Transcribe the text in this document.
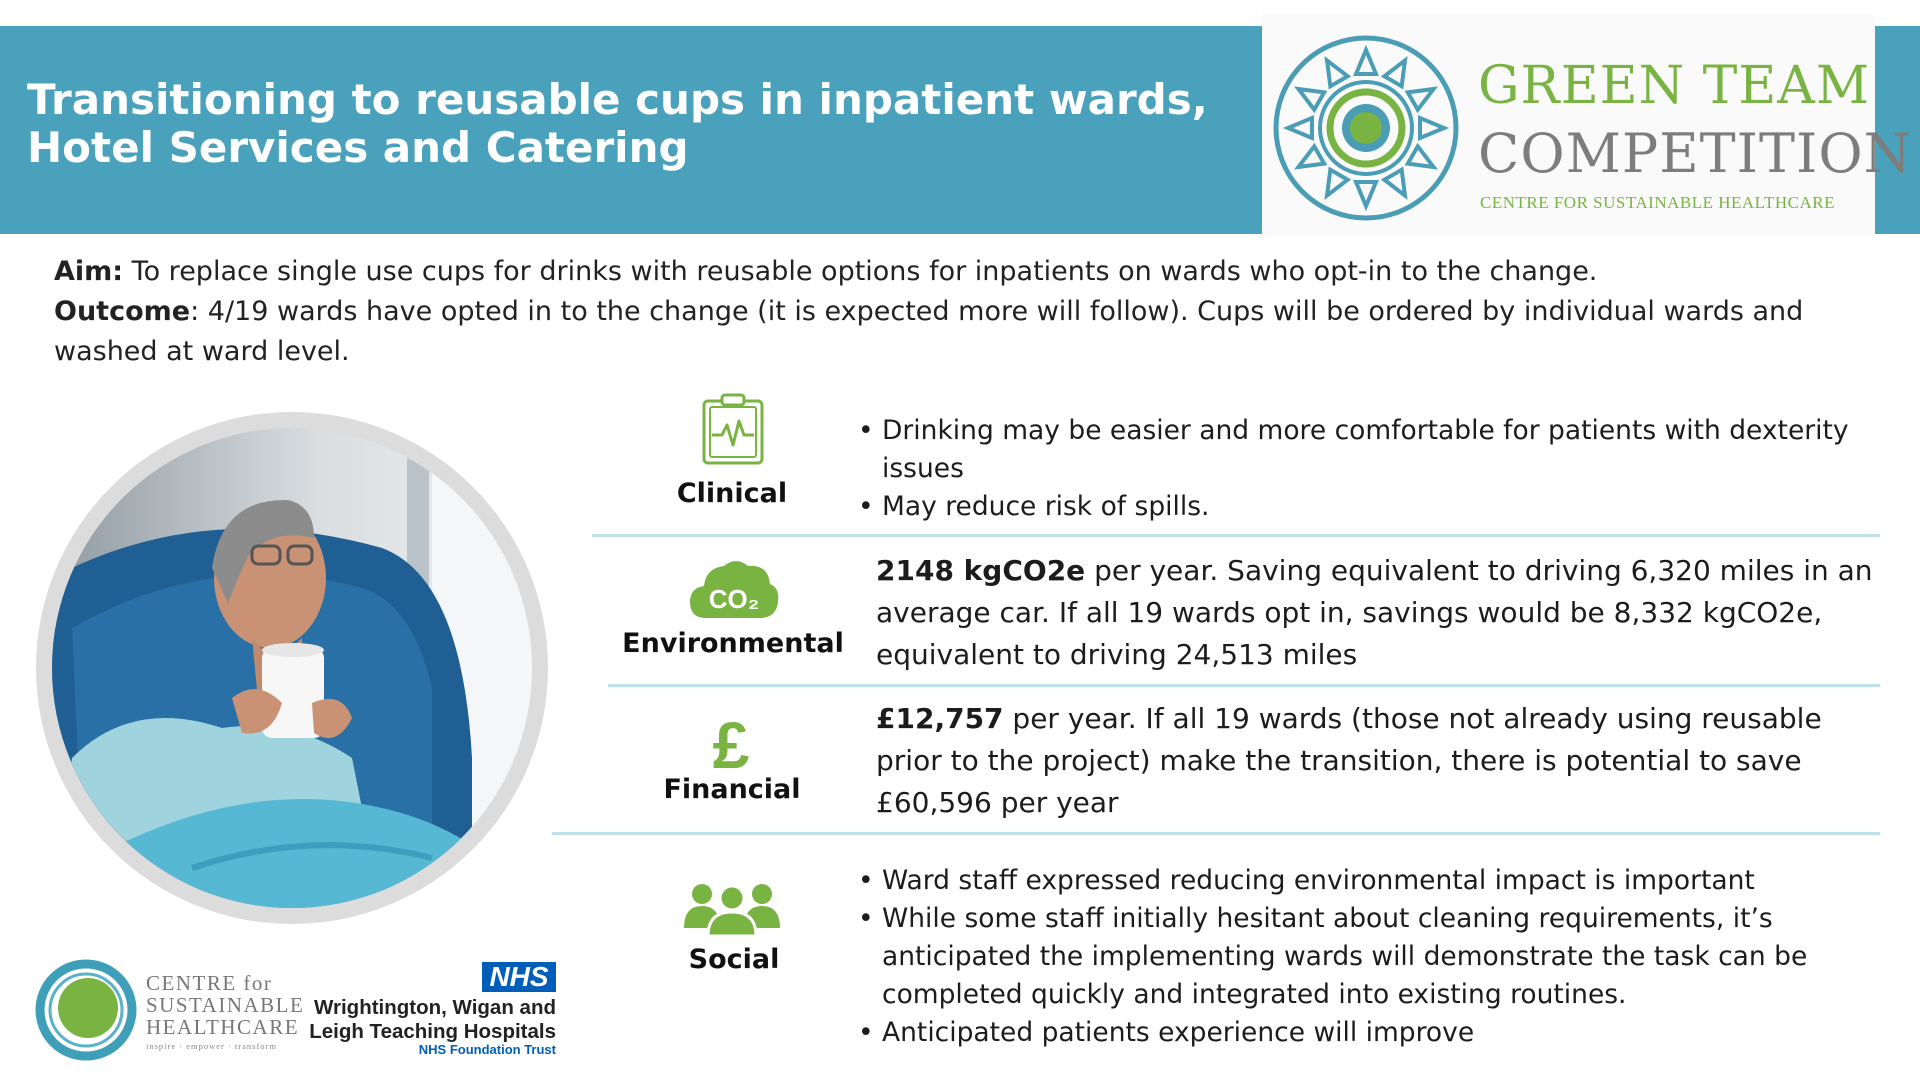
Transitioning to reusable cups in inpatient wards,
Hotel Services and Catering
GREEN TEAM
COMPETITION
CENTRE FOR SUSTAINABLE HEALTHCARE

Aim: To replace single use cups for drinks with reusable options for inpatients on wards who opt-in to the change.

Outcome: 4/19 wards have opted in to the change (it is expected more will follow). Cups will be ordered by individual wards and washed at ward level.

Clinical
• Drinking may be easier and more comfortable for patients with dexterity issues
• May reduce risk of spills.
CO₂
Environmental

2148 kgCO2e per year. Saving equivalent to driving 6,320 miles in an average car. If all 19 wards opt in, savings would be 8,332 kgCO2e, equivalent to driving 24,513 miles

£
Financial

£12,757 per year. If all 19 wards (those not already using reusable prior to the project) make the transition, there is potential to save £60,596 per year

Social
• Ward staff expressed reducing environmental impact is important
• While some staff initially hesitant about cleaning requirements, it’s anticipated the implementing wards will demonstrate the task can be completed quickly and integrated into existing routines.
• Anticipated patients experience will improve
CENTRE for
SUSTAINABLE
HEALTHCARE
inspire · empower · transform
NHS
Wrightington, Wigan and
Leigh Teaching Hospitals
NHS Foundation Trust
